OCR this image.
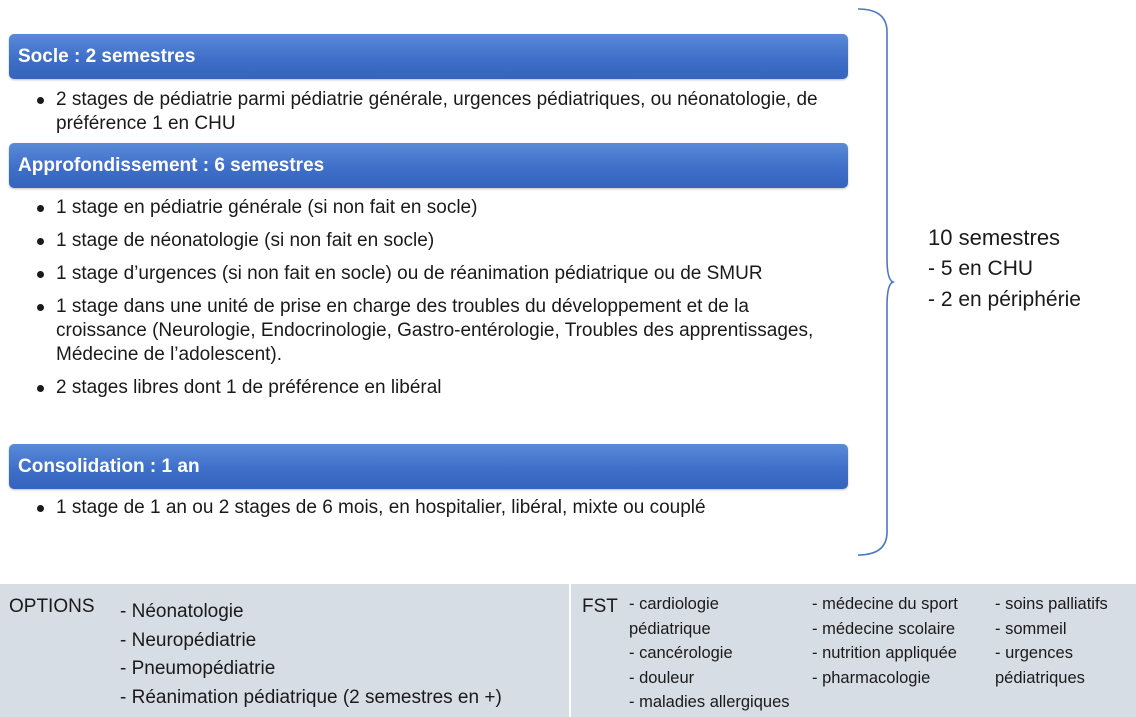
Socle : 2 semestres
2 stages de pédiatrie parmi pédiatrie générale, urgences pédiatriques, ou néonatologie, de préférence 1 en CHU
Approfondissement : 6 semestres
1 stage en pédiatrie générale (si non fait en socle)
1 stage de néonatologie (si non fait en socle)
1 stage d’urgences (si non fait en socle) ou de réanimation pédiatrique ou de SMUR
1 stage dans une unité de prise en charge des troubles du développement et de la croissance (Neurologie, Endocrinologie, Gastro-entérologie, Troubles des apprentissages, Médecine de l’adolescent).
2 stages libres dont 1 de préférence en libéral
Consolidation : 1 an
1 stage de 1 an ou 2 stages de 6 mois, en hospitalier, libéral, mixte ou couplé
10 semestres
- 5 en CHU
- 2 en périphérie
OPTIONS - Néonatologie
- Neuropédiatrie
- Pneumopédiatrie
- Réanimation pédiatrique (2 semestres en +)
FST - cardiologie
pédiatrique
- cancérologie
- douleur
- maladies allergiques
- médecine du sport
- médecine scolaire
- nutrition appliquée
- pharmacologie
- soins palliatifs
- sommeil
- urgences
pédiatriques
